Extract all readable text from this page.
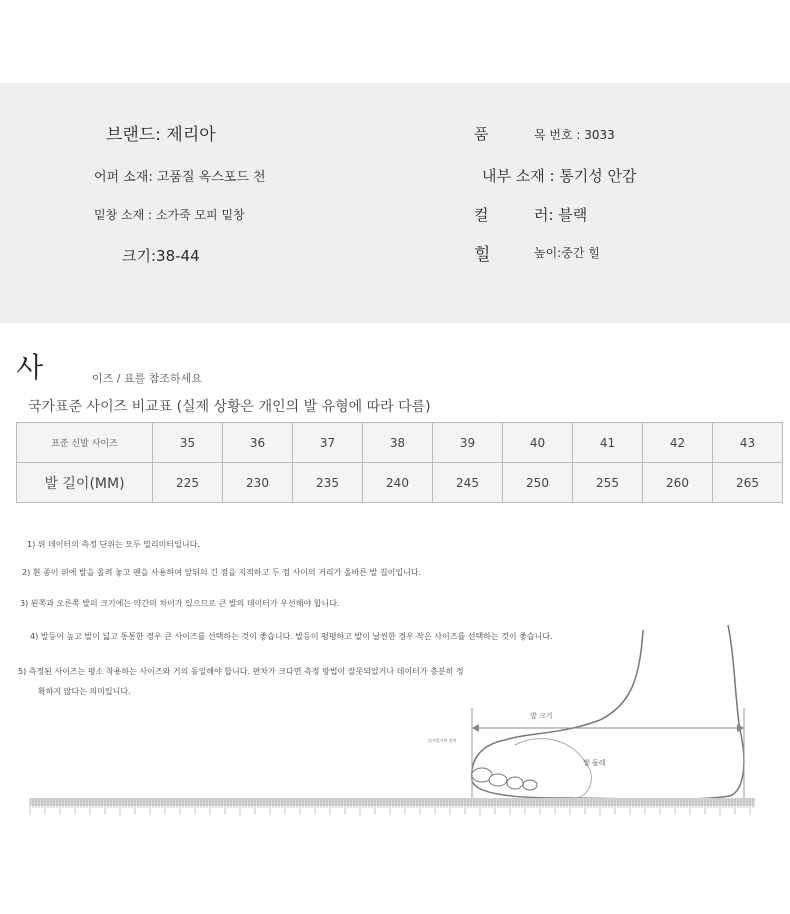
브랜드: 제리아
어퍼 소재: 고품질 옥스포드 천
밑창 소재 : 소가죽 모피 밑창
크기:38-44
품	목 번호 : 3033
내부 소재 : 통기성 안감
컬	러: 블랙
힐	높이:중간 힐
사	이즈 / 표를 참조하세요
국가표준 사이즈 비교표 (실제 상황은 개인의 발 유형에 따라 다름)
표준 신발 사이즈	35	36	37	38	39	40	41	42	43
발 길이(MM)	225	230	235	240	245	250	255	260	265
1) 위 데이터의 측정 단위는 모두 밀리미터입니다.
2) 흰 종이 위에 발을 올려 놓고 펜을 사용하여 앞뒤의 긴 점을 지적하고 두 점 사이의 거리가 올바른 발 길이입니다.
3) 왼쪽과 오른쪽 발의 크기에는 약간의 차이가 있으므로 큰 발의 데이터가 우선해야 합니다.
4) 발등이 높고 발이 넓고 통통한 경우 큰 사이즈를 선택하는 것이 좋습니다. 발등이 평평하고 발이 날씬한 경우 작은 사이즈를 선택하는 것이 좋습니다.
5) 측정된 사이즈는 평소 착용하는 사이즈와 거의 동일해야 합니다. 편차가 크다면 측정 방법이 잘못되었거나 데이터가 충분히 정
확하지 않다는 의미입니다.
발 크기
발 둘레
엄지발가락 앞쪽
